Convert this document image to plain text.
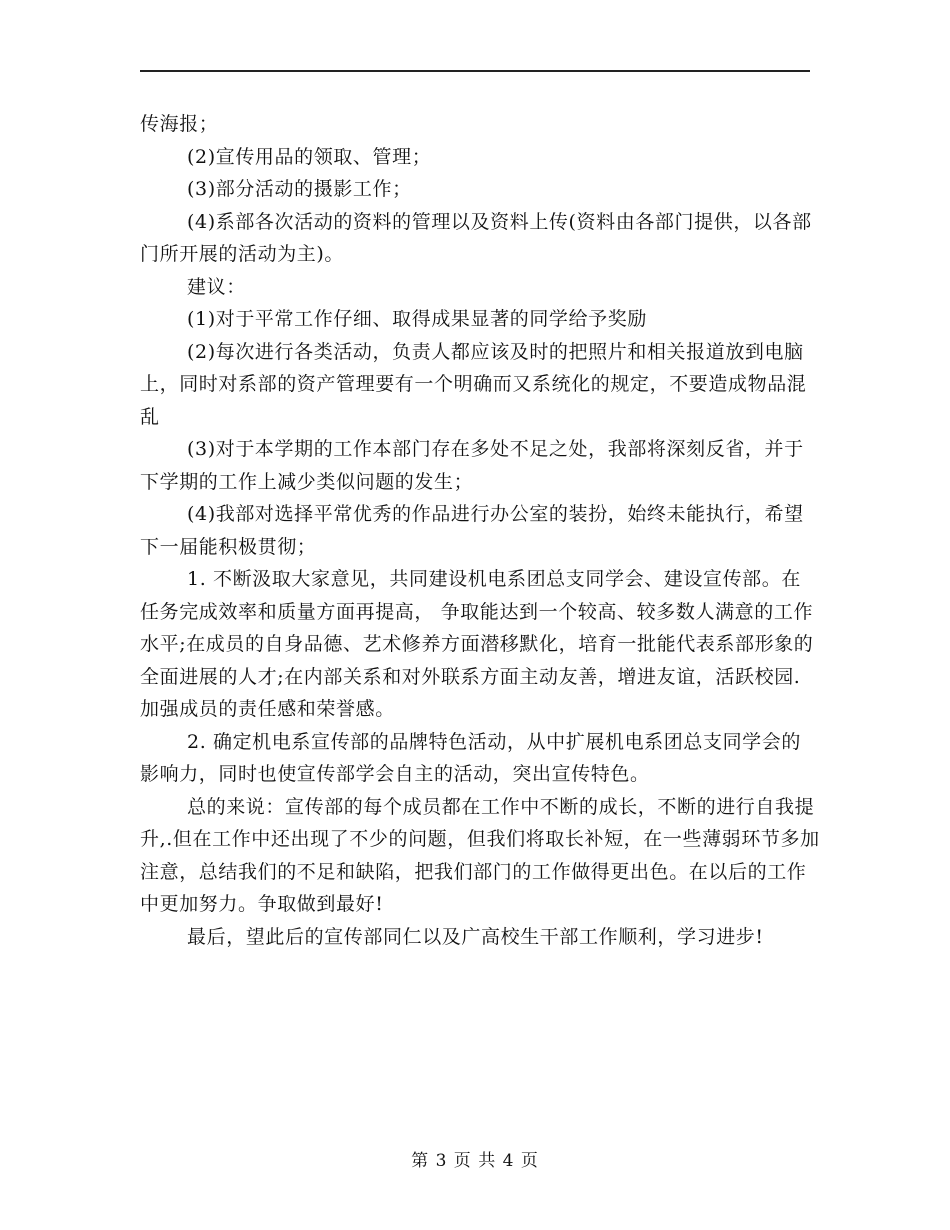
传海报；

(2)宣传用品的领取、管理；

(3)部分活动的摄影工作；

(4)系部各次活动的资料的管理以及资料上传(资料由各部门提供，以各部门所开展的活动为主)。

建议：

(1)对于平常工作仔细、取得成果显著的同学给予奖励

(2)每次进行各类活动，负责人都应该及时的把照片和相关报道放到电脑上，同时对系部的资产管理要有一个明确而又系统化的规定，不要造成物品混乱

(3)对于本学期的工作本部门存在多处不足之处，我部将深刻反省，并于下学期的工作上减少类似问题的发生；

(4)我部对选择平常优秀的作品进行办公室的装扮，始终未能执行，希望下一届能积极贯彻；

1. 不断汲取大家意见，共同建设机电系团总支同学会、建设宣传部。在任务完成效率和质量方面再提高， 争取能达到一个较高、较多数人满意的工作水平;在成员的自身品德、艺术修养方面潜移默化，培育一批能代表系部形象的全面进展的人才;在内部关系和对外联系方面主动友善，增进友谊，活跃校园.加强成员的责任感和荣誉感。

2. 确定机电系宣传部的品牌特色活动，从中扩展机电系团总支同学会的影响力，同时也使宣传部学会自主的活动，突出宣传特色。

总的来说：宣传部的每个成员都在工作中不断的成长，不断的进行自我提升,.但在工作中还出现了不少的问题，但我们将取长补短，在一些薄弱环节多加注意，总结我们的不足和缺陷，把我们部门的工作做得更出色。在以后的工作中更加努力。争取做到最好!

最后，望此后的宣传部同仁以及广高校生干部工作顺利，学习进步!

第 3 页 共 4 页
